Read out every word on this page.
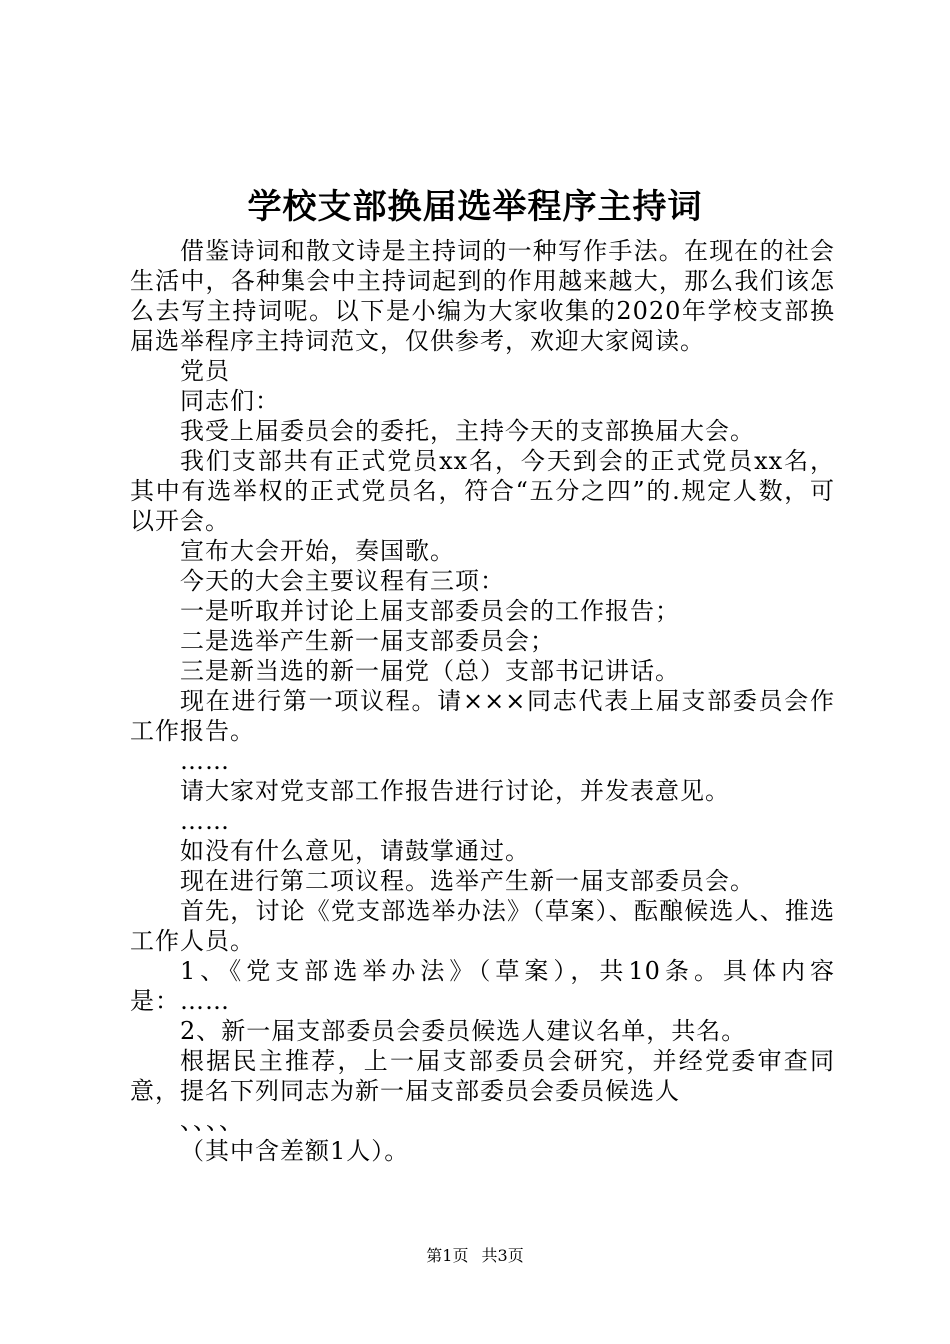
学校支部换届选举程序主持词

借鉴诗词和散文诗是主持词的一种写作手法。在现在的社会生活中，各种集会中主持词起到的作用越来越大，那么我们该怎么去写主持词呢。以下是小编为大家收集的2020年学校支部换届选举程序主持词范文，仅供参考，欢迎大家阅读。

党员

同志们：

我受上届委员会的委托，主持今天的支部换届大会。

我们支部共有正式党员xx名，今天到会的正式党员xx名，其中有选举权的正式党员名，符合“五分之四”的.规定人数，可以开会。

宣布大会开始，奏国歌。

今天的大会主要议程有三项：

一是听取并讨论上届支部委员会的工作报告；

二是选举产生新一届支部委员会；

三是新当选的新一届党（总）支部书记讲话。

现在进行第一项议程。请×××同志代表上届支部委员会作工作报告。

……

请大家对党支部工作报告进行讨论，并发表意见。

……

如没有什么意见，请鼓掌通过。

现在进行第二项议程。选举产生新一届支部委员会。

首先，讨论《党支部选举办法》（草案）、酝酿候选人、推选工作人员。

1、《党支部选举办法》（草案），共10条。具体内容是：……

2、新一届支部委员会委员候选人建议名单，共名。

根据民主推荐，上一届支部委员会研究，并经党委审查同意，提名下列同志为新一届支部委员会委员候选人

、、、、

（其中含差额1人）。

第1页 共3页
